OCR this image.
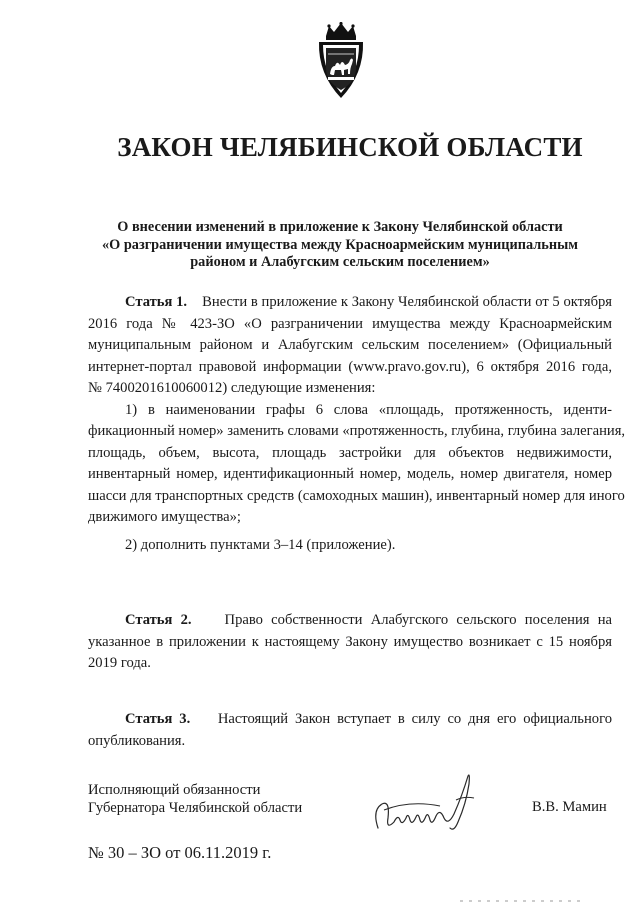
ЗАКОН ЧЕЛЯБИНСКОЙ ОБЛАСТИ
О внесении изменений в приложение к Закону Челябинской области
«О разграничении имущества между Красноармейским муниципальным
районом и Алабугским сельским поселением»
Статья 1. Внести в приложение к Закону Челябинской области от 5 октября
2016 года № 423-ЗО «О разграничении имущества между Красноармейским
муниципальным районом и Алабугским сельским поселением» (Официальный
интернет-портал правовой информации (www.pravo.gov.ru), 6 октября 2016 года,
№ 7400201610060012) следующие изменения:
1) в наименовании графы 6 слова «площадь, протяженность, иденти-
фикационный номер» заменить словами «протяженность, глубина, глубина залегания,
площадь, объем, высота, площадь застройки для объектов недвижимости,
инвентарный номер, идентификационный номер, модель, номер двигателя, номер
шасси для транспортных средств (самоходных машин), инвентарный номер для иного
движимого имущества»;
2) дополнить пунктами 3–14 (приложение).
Статья 2. Право собственности Алабугского сельского поселения на
указанное в приложении к настоящему Закону имущество возникает с 15 ноября
2019 года.
Статья 3. Настоящий Закон вступает в силу со дня его официального
опубликования.
Исполняющий обязанности
Губернатора Челябинской области	В.В. Мамин
№ 30 – ЗО от 06.11.2019 г.
